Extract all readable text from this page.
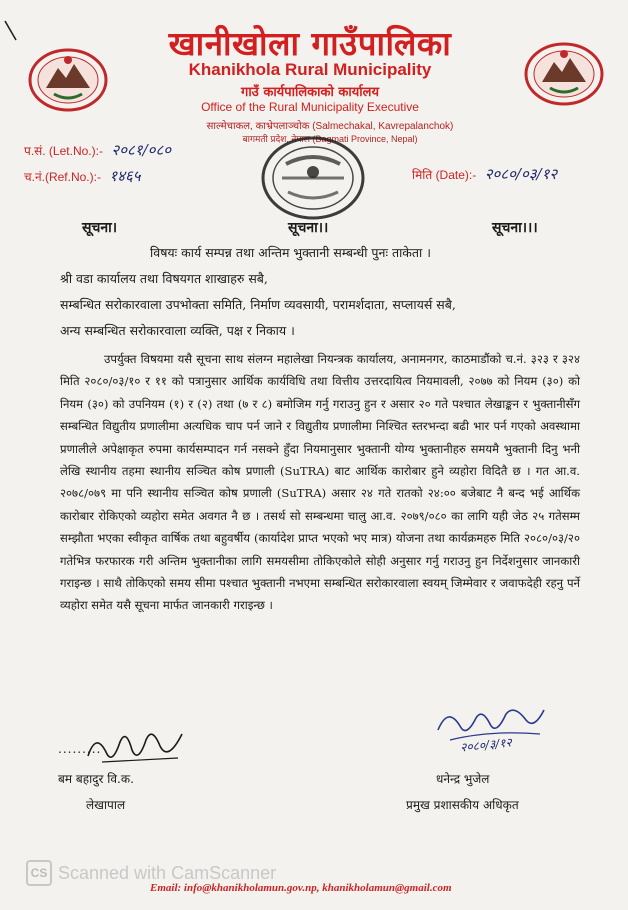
खानीखोला गाउँपालिका
Khanikhola Rural Municipality
गाउँ कार्यपालिकाको कार्यालय
Office of the Rural Municipality Executive
साल्मेचाकल, काभ्रेपलाञ्चोक (Salmechakal, Kavrepalanchok)
बागमती प्रदेश, नेपाल (Bagmati Province, Nepal)
प.सं. (Let.No.):- २०८१/०८०
च.नं.(Ref.No.):- १४६५	मिति (Date):- २०८०/०३/१२
सूचना।	सूचना।।	सूचना।।।
विषयः कार्य सम्पन्न तथा अन्तिम भुक्तानी सम्बन्धी पुनः ताकेता ।
श्री वडा कार्यालय तथा विषयगत शाखाहरु सबै,
सम्बन्धित सरोकारवाला उपभोक्ता समिति, निर्माण व्यवसायी, परामर्शदाता, सप्लायर्स सबै,
अन्य सम्बन्धित सरोकारवाला व्यक्ति, पक्ष र निकाय ।
उपर्युक्त विषयमा यसै सूचना साथ संलग्न महालेखा नियन्त्रक कार्यालय, अनामनगर, काठमाडौंको च.नं. ३२३ र ३२४ मिति २०८०/०३/१० र ११ को पत्रानुसार आर्थिक कार्यविधि तथा वित्तीय उत्तरदायित्व नियमावली, २०७७ को नियम (३०) को नियम (३०) को उपनियम (१) र (२) तथा (७ र ८) बमोजिम गर्नु गराउनु हुन र असार २० गते पश्चात लेखाङ्कन र भुक्तानीसँग सम्बन्धित विद्युतीय प्रणालीमा अत्यधिक चाप पर्न जाने र विद्युतीय प्रणालीमा निश्चित स्तरभन्दा बढी भार पर्न गएको अवस्थामा प्रणालीले अपेक्षाकृत रुपमा कार्यसम्पादन गर्न नसक्ने हुँदा नियमानुसार भुक्तानी योग्य भुक्तानीहरु समयमै भुक्तानी दिनु भनी लेखि स्थानीय तहमा स्थानीय सञ्चित कोष प्रणाली (SuTRA) बाट आर्थिक कारोबार हुने व्यहोरा विदितै छ । गत आ.व. २०७८/०७९ मा पनि स्थानीय सञ्चित कोष प्रणाली (SuTRA) असार २४ गते रातको २४:०० बजेबाट नै बन्द भई आर्थिक कारोबार रोकिएको व्यहोरा समेत अवगत नै छ । तसर्थ सो सम्बन्धमा चालु आ.व. २०७९/०८० का लागि यही जेठ २५ गतेसम्म सम्झौता भएका स्वीकृत वार्षिक तथा बहुवर्षीय (कार्यादेश प्राप्त भएको भए मात्र) योजना तथा कार्यक्रमहरु मिति २०८०/०३/२० गतेभित्र फरफारक गरी अन्तिम भुक्तानीका लागि समयसीमा तोकिएकोले सोही अनुसार गर्नु गराउनु हुन निर्देशनुसार जानकारी गराइन्छ । साथै तोकिएको समय सीमा पश्चात भुक्तानी नभएमा सम्बन्धित सरोकारवाला स्वयम् जिम्मेवार र जवाफदेही रहनु पर्ने व्यहोरा समेत यसै सूचना मार्फत जानकारी गराइन्छ ।
.........	२०८०/३/१२
बम बहादुर वि.क.
लेखापाल
धनेन्द्र भुजेल
प्रमुख प्रशासकीय अधिकृत
CS Scanned with CamScanner
Email: info@khanikholamun.gov.np, khanikholamun@gmail.com
